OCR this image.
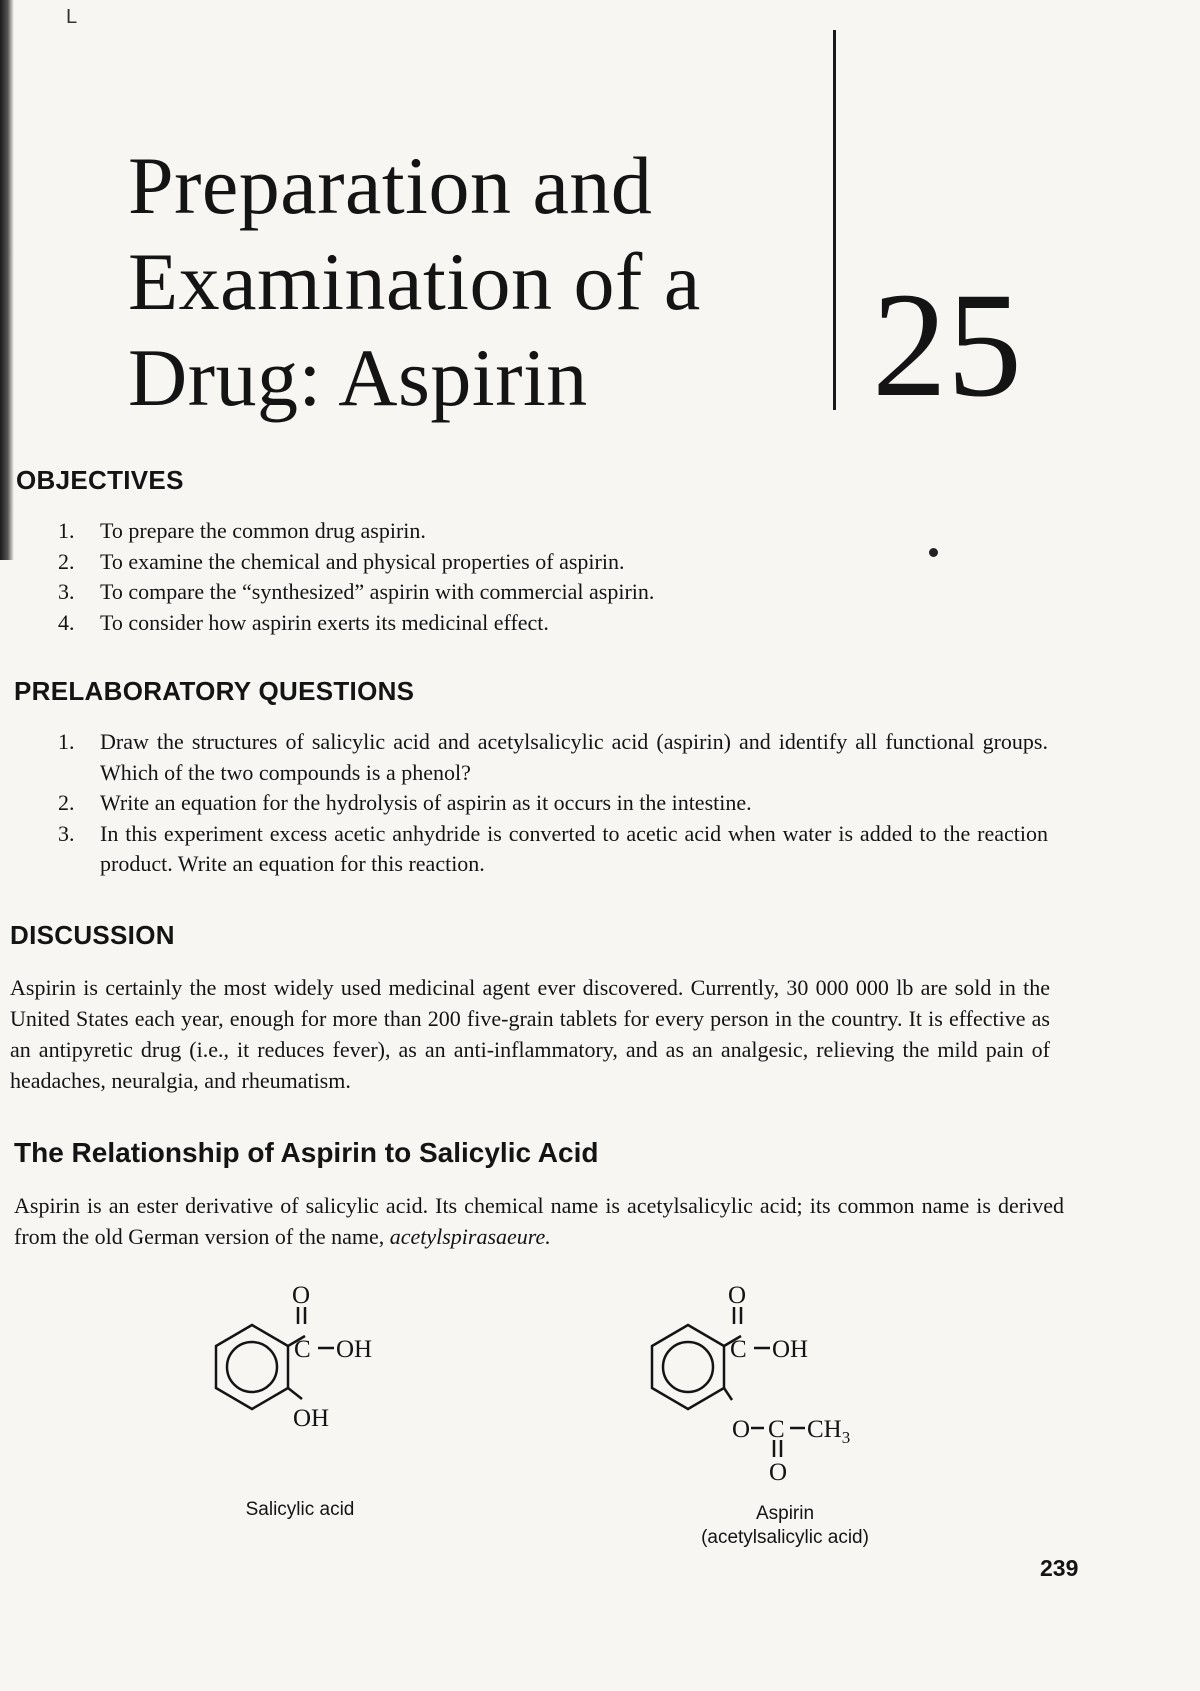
L
Preparation and
Examination of a
Drug: Aspirin	25
OBJECTIVES
1. To prepare the common drug aspirin.
2. To examine the chemical and physical properties of aspirin.
3. To compare the “synthesized” aspirin with commercial aspirin.
4. To consider how aspirin exerts its medicinal effect.
PRELABORATORY QUESTIONS
1. Draw the structures of salicylic acid and acetylsalicylic acid (aspirin) and identify all functional groups. Which of the two compounds is a phenol?
2. Write an equation for the hydrolysis of aspirin as it occurs in the intestine.
3. In this experiment excess acetic anhydride is converted to acetic acid when water is added to the reaction product. Write an equation for this reaction.
DISCUSSION

Aspirin is certainly the most widely used medicinal agent ever discovered. Currently, 30 000 000 lb are sold in the United States each year, enough for more than 200 five-grain tablets for every person in the country. It is effective as an antipyretic drug (i.e., it reduces fever), as an anti-inflammatory, and as an analgesic, relieving the mild pain of headaches, neuralgia, and rheumatism.

The Relationship of Aspirin to Salicylic Acid

Aspirin is an ester derivative of salicylic acid. Its chemical name is acetylsalicylic acid; its common name is derived from the old German version of the name, acetylspirasaeure.

O
C OH
OH
Salicylic acid
O
C OH
O C $CH_3$
O
Aspirin
(acetylsalicylic acid)
239
